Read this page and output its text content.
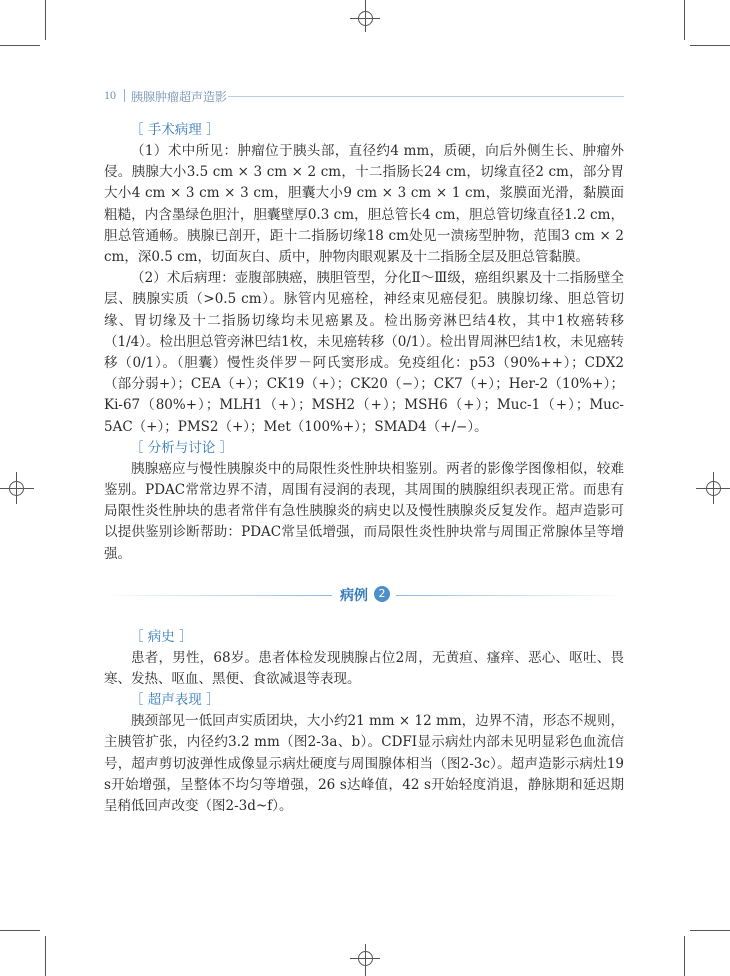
10 胰腺肿瘤超声造影

［ 手术病理 ］

（1）术中所见：肿瘤位于胰头部，直径约4 mm，质硬，向后外侧生长、肿瘤外侵。胰腺大小3.5 cm × 3 cm × 2 cm，十二指肠长24 cm，切缘直径2 cm，部分胃大小4 cm × 3 cm × 3 cm，胆囊大小9 cm × 3 cm × 1 cm，浆膜面光滑，黏膜面粗糙，内含墨绿色胆汁，胆囊壁厚0.3 cm，胆总管长4 cm，胆总管切缘直径1.2 cm，胆总管通畅。胰腺已剖开，距十二指肠切缘18 cm处见一溃疡型肿物，范围3 cm × 2 cm，深0.5 cm，切面灰白、质中，肿物肉眼观累及十二指肠全层及胆总管黏膜。

（2）术后病理：壶腹部胰癌，胰胆管型，分化Ⅱ～Ⅲ级，癌组织累及十二指肠壁全层、胰腺实质（>0.5 cm）。脉管内见癌栓，神经束见癌侵犯。胰腺切缘、胆总管切缘、胃切缘及十二指肠切缘均未见癌累及。检出肠旁淋巴结4枚，其中1枚癌转移（1/4）。检出胆总管旁淋巴结1枚，未见癌转移（0/1）。检出胃周淋巴结1枚，未见癌转移（0/1）。（胆囊）慢性炎伴罗－阿氏窦形成。免疫组化：p53（90%++）；CDX2（部分弱+）；CEA（+）；CK19（+）；CK20（−）；CK7（+）；Her-2（10%+）；Ki-67（80%+）；MLH1（+）；MSH2（+）；MSH6（+）；Muc-1（+）；Muc-5AC（+）；PMS2（+）；Met（100%+）；SMAD4（+/−）。

［ 分析与讨论 ］

胰腺癌应与慢性胰腺炎中的局限性炎性肿块相鉴别。两者的影像学图像相似，较难鉴别。PDAC常常边界不清，周围有浸润的表现，其周围的胰腺组织表现正常。而患有局限性炎性肿块的患者常伴有急性胰腺炎的病史以及慢性胰腺炎反复发作。超声造影可以提供鉴别诊断帮助：PDAC常呈低增强，而局限性炎性肿块常与周围正常腺体呈等增强。

病例 2

［ 病史 ］

患者，男性，68岁。患者体检发现胰腺占位2周，无黄疸、瘙痒、恶心、呕吐、畏寒、发热、呕血、黑便、食欲减退等表现。

［ 超声表现 ］

胰颈部见一低回声实质团块，大小约21 mm × 12 mm，边界不清，形态不规则，主胰管扩张，内径约3.2 mm（图2-3a、b）。CDFI显示病灶内部未见明显彩色血流信号，超声剪切波弹性成像显示病灶硬度与周围腺体相当（图2-3c）。超声造影示病灶19 s开始增强，呈整体不均匀等增强，26 s达峰值，42 s开始轻度消退，静脉期和延迟期呈稍低回声改变（图2-3d~f）。
